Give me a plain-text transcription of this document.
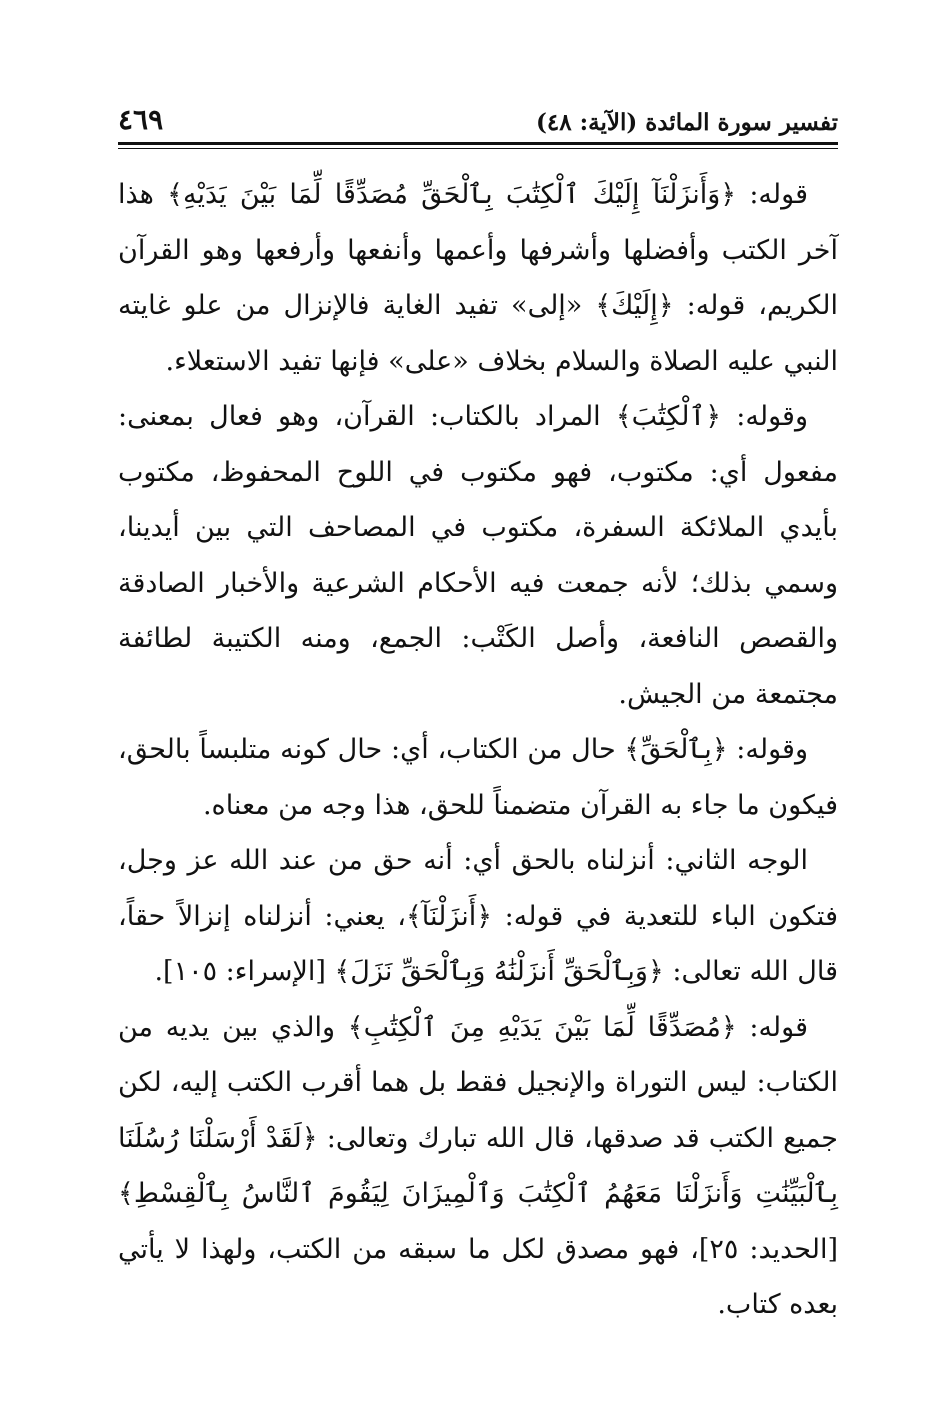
تفسير سورة المائدة (الآية: ٤٨)
٤٦٩

قوله: ﴿وَأَنزَلْنَآ إِلَيْكَ ٱلْكِتَٰبَ بِٱلْحَقِّ مُصَدِّقًا لِّمَا بَيْنَ يَدَيْهِ﴾ هذا آخر الكتب وأفضلها وأشرفها وأعمها وأنفعها وأرفعها وهو القرآن الكريم، قوله: ﴿إِلَيْكَ﴾ «إلى» تفيد الغاية فالإنزال من علو غايته النبي عليه الصلاة والسلام بخلاف «على» فإنها تفيد الاستعلاء.

وقوله: ﴿ٱلْكِتَٰبَ﴾ المراد بالكتاب: القرآن، وهو فعال بمعنى: مفعول أي: مكتوب، فهو مكتوب في اللوح المحفوظ، مكتوب بأيدي الملائكة السفرة، مكتوب في المصاحف التي بين أيدينا، وسمي بذلك؛ لأنه جمعت فيه الأحكام الشرعية والأخبار الصادقة والقصص النافعة، وأصل الكَتْب: الجمع، ومنه الكتيبة لطائفة مجتمعة من الجيش.

وقوله: ﴿بِٱلْحَقِّ﴾ حال من الكتاب، أي: حال كونه متلبساً بالحق، فيكون ما جاء به القرآن متضمناً للحق، هذا وجه من معناه.

الوجه الثاني: أنزلناه بالحق أي: أنه حق من عند الله عز وجل، فتكون الباء للتعدية في قوله: ﴿أَنزَلْنَآ﴾، يعني: أنزلناه إنزالاً حقاً، قال الله تعالى: ﴿وَبِٱلْحَقِّ أَنزَلْنَٰهُ وَبِٱلْحَقِّ نَزَلَ﴾ [الإسراء: ١٠٥].

قوله: ﴿مُصَدِّقًا لِّمَا بَيْنَ يَدَيْهِ مِنَ ٱلْكِتَٰبِ﴾ والذي بين يديه من الكتاب: ليس التوراة والإنجيل فقط بل هما أقرب الكتب إليه، لكن جميع الكتب قد صدقها، قال الله تبارك وتعالى: ﴿لَقَدْ أَرْسَلْنَا رُسُلَنَا بِٱلْبَيِّنَٰتِ وَأَنزَلْنَا مَعَهُمُ ٱلْكِتَٰبَ وَٱلْمِيزَانَ لِيَقُومَ ٱلنَّاسُ بِٱلْقِسْطِ﴾ [الحديد: ٢٥]، فهو مصدق لكل ما سبقه من الكتب، ولهذا لا يأتي بعده كتاب.
